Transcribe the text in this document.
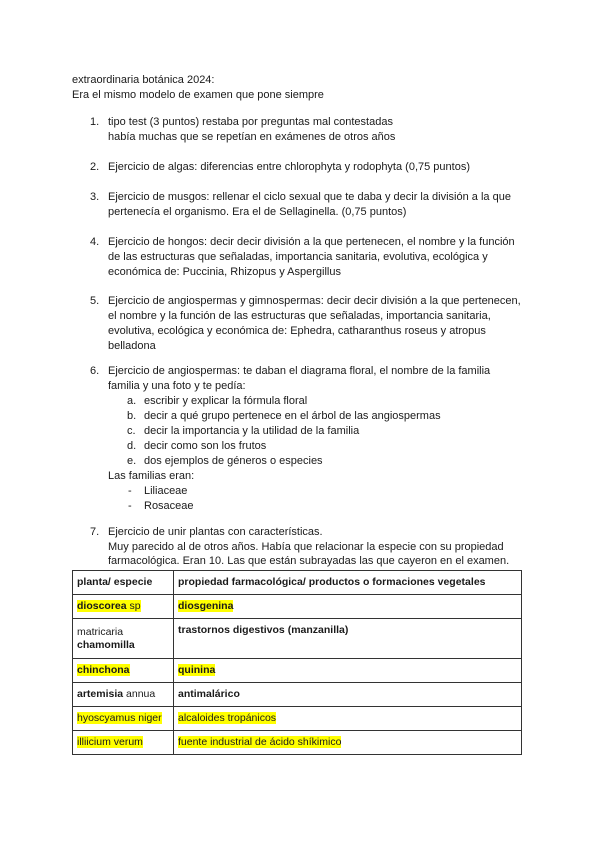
extraordinaria botánica 2024:
Era el mismo modelo de examen que pone siempre
1. tipo test (3 puntos) restaba por preguntas mal contestadas
había muchas que se repetían en exámenes de otros años
2. Ejercicio de algas: diferencias entre chlorophyta y rodophyta (0,75 puntos)
3. Ejercicio de musgos: rellenar el ciclo sexual que te daba y decir la división a la que
pertenecía el organismo. Era el de Sellaginella. (0,75 puntos)
4. Ejercicio de hongos: decir decir división a la que pertenecen, el nombre y la función
de las estructuras que señaladas, importancia sanitaria, evolutiva, ecológica y
económica de: Puccinia, Rhizopus y Aspergillus
5. Ejercicio de angiospermas y gimnospermas: decir decir división a la que pertenecen,
el nombre y la función de las estructuras que señaladas, importancia sanitaria,
evolutiva, ecológica y económica de: Ephedra, catharanthus roseus y atropus
belladona
6. Ejercicio de angiospermas: te daban el diagrama floral, el nombre de la familia
familia y una foto y te pedía:
a. escribir y explicar la fórmula floral
b. decir a qué grupo pertenece en el árbol de las angiospermas
c. decir la importancia y la utilidad de la familia
d. decir como son los frutos
e. dos ejemplos de géneros o especies
Las familias eran:
- Liliaceae
- Rosaceae
7. Ejercicio de unir plantas con características.
Muy parecido al de otros años. Había que relacionar la especie con su propiedad
farmacológica. Eran 10. Las que están subrayadas las que cayeron en el examen.
planta/ especie	propiedad farmacológica/ productos o formaciones vegetales
dioscorea sp	diosgenina
matricaria
chamomilla	trastornos digestivos (manzanilla)
chinchona	quinina
artemisia annua	antimalárico
hyoscyamus niger	alcaloides tropánicos
illiicium verum	fuente industrial de ácido shíkimico
